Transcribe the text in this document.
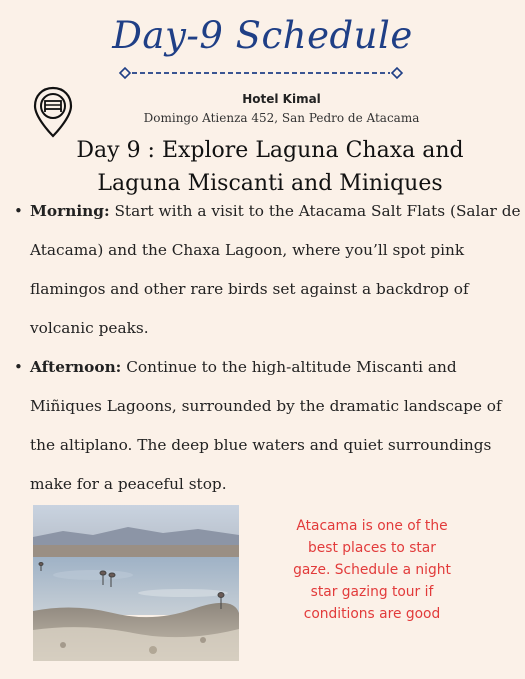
Day-9 Schedule
Hotel Kimal
Domingo Atienza 452, San Pedro de Atacama
Day 9 : Explore Laguna Chaxa and Laguna Miscanti and Miniques
• Morning: Start with a visit to the Atacama Salt Flats (Salar de Atacama) and the Chaxa Lagoon, where you’ll spot pink flamingos and other rare birds set against a backdrop of volcanic peaks.
• Afternoon: Continue to the high-altitude Miscanti and Miñiques Lagoons, surrounded by the dramatic landscape of the altiplano. The deep blue waters and quiet surroundings make for a peaceful stop.
Atacama is one of the best places to star gaze. Schedule a night star gazing tour if conditions are good
